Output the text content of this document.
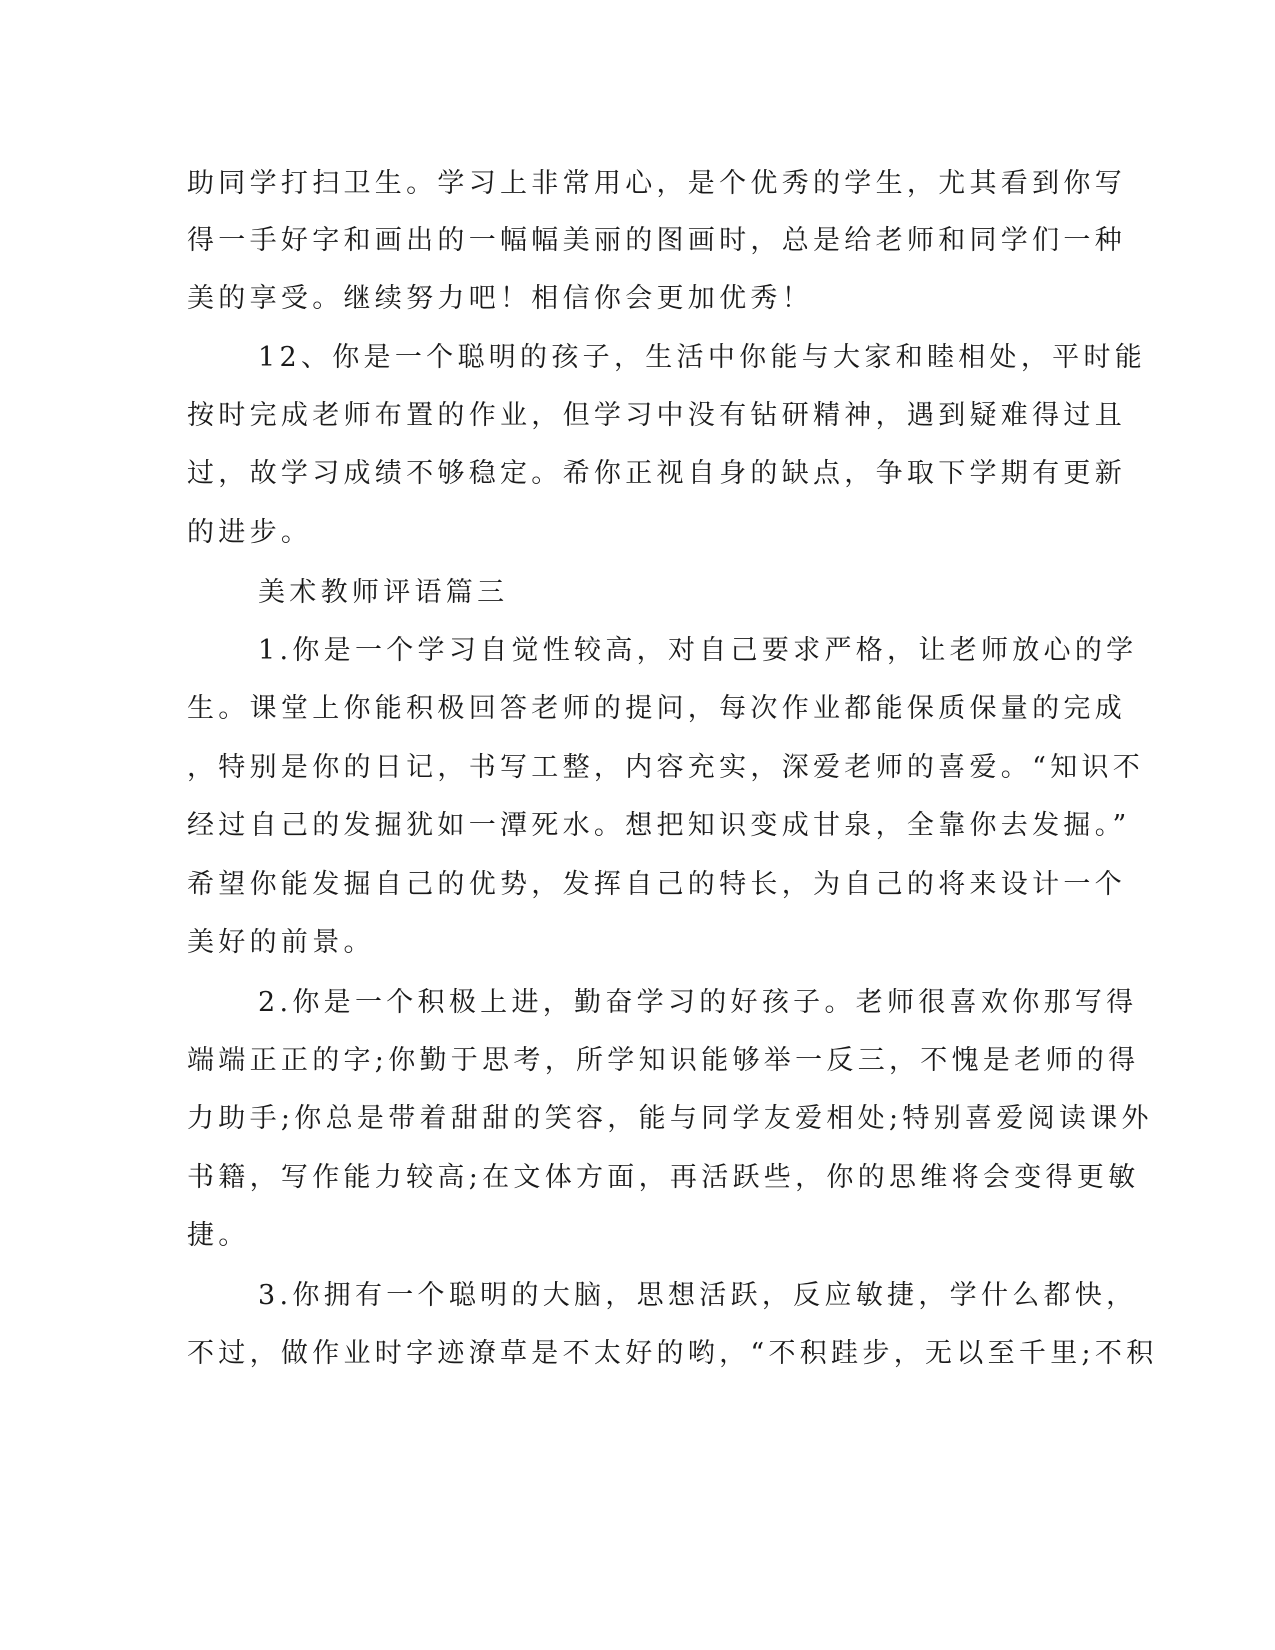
助同学打扫卫生。学习上非常用心，是个优秀的学生，尤其看到你写

得一手好字和画出的一幅幅美丽的图画时，总是给老师和同学们一种

美的享受。继续努力吧！相信你会更加优秀！

12、你是一个聪明的孩子，生活中你能与大家和睦相处，平时能

按时完成老师布置的作业，但学习中没有钻研精神，遇到疑难得过且

过，故学习成绩不够稳定。希你正视自身的缺点，争取下学期有更新

的进步。

美术教师评语篇三

1.你是一个学习自觉性较高，对自己要求严格，让老师放心的学

生。课堂上你能积极回答老师的提问，每次作业都能保质保量的完成

，特别是你的日记，书写工整，内容充实，深爱老师的喜爱。“知识不

经过自己的发掘犹如一潭死水。想把知识变成甘泉，全靠你去发掘。”

希望你能发掘自己的优势，发挥自己的特长，为自己的将来设计一个

美好的前景。

2.你是一个积极上进，勤奋学习的好孩子。老师很喜欢你那写得

端端正正的字;你勤于思考，所学知识能够举一反三，不愧是老师的得

力助手;你总是带着甜甜的笑容，能与同学友爱相处;特别喜爱阅读课外

书籍，写作能力较高;在文体方面，再活跃些，你的思维将会变得更敏

捷。

3.你拥有一个聪明的大脑，思想活跃，反应敏捷，学什么都快，

不过，做作业时字迹潦草是不太好的哟，“不积跬步，无以至千里;不积
